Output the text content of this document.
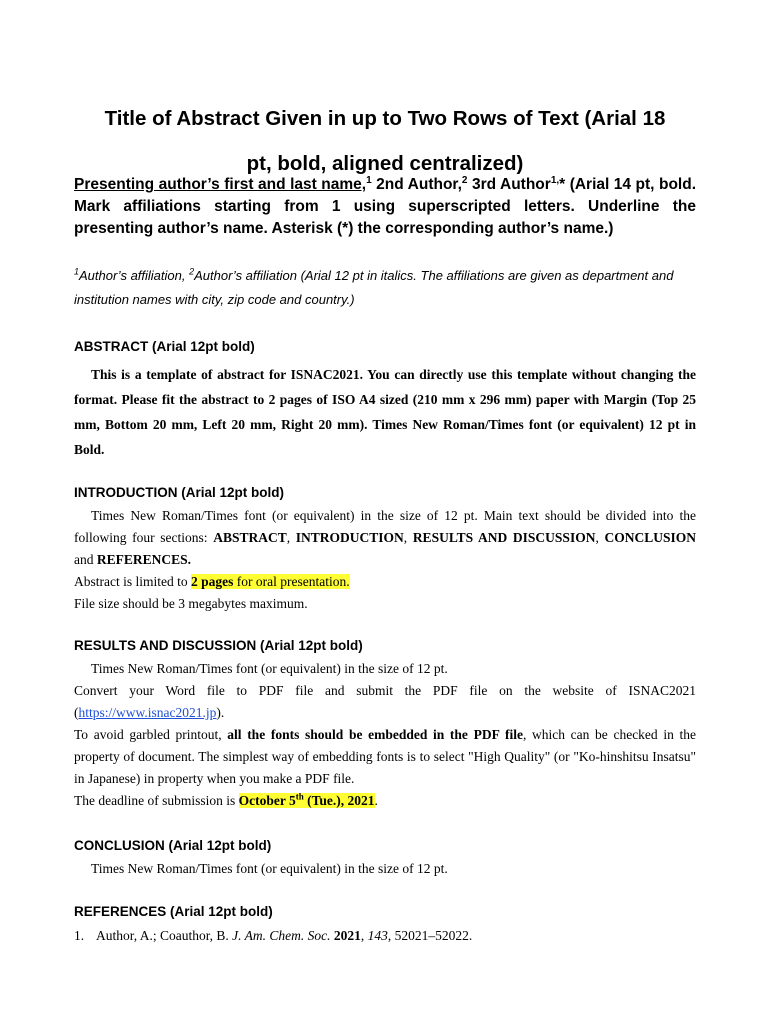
Title of Abstract Given in up to Two Rows of Text (Arial 18
pt, bold, aligned centralized)
Presenting author’s first and last name,$^1$ 2nd Author,$^2$ 3rd Author$^{1,}$* (Arial 14 pt, bold. Mark affiliations starting from 1 using superscripted letters. Underline the presenting author’s name. Asterisk (*) the corresponding author’s name.)
$^1$Author’s affiliation, $^2$Author’s affiliation (Arial 12 pt in italics. The affiliations are given as department and institution names with city, zip code and country.)
ABSTRACT (Arial 12pt bold)
This is a template of abstract for ISNAC2021. You can directly use this template without changing the format. Please fit the abstract to 2 pages of ISO A4 sized (210 mm x 296 mm) paper with Margin (Top 25 mm, Bottom 20 mm, Left 20 mm, Right 20 mm). Times New Roman/Times font (or equivalent) 12 pt in Bold.
INTRODUCTION (Arial 12pt bold)

Times New Roman/Times font (or equivalent) in the size of 12 pt. Main text should be divided into the following four sections: ABSTRACT, INTRODUCTION, RESULTS AND DISCUSSION, CONCLUSION and REFERENCES.

Abstract is limited to 2 pages for oral presentation.

File size should be 3 megabytes maximum.

RESULTS AND DISCUSSION (Arial 12pt bold)

Times New Roman/Times font (or equivalent) in the size of 12 pt.

Convert your Word file to PDF file and submit the PDF file on the website of ISNAC2021 (https://www.isnac2021.jp).

To avoid garbled printout, all the fonts should be embedded in the PDF file, which can be checked in the property of document. The simplest way of embedding fonts is to select "High Quality" (or "Ko-hinshitsu Insatsu" in Japanese) in property when you make a PDF file.

The deadline of submission is October 5th (Tue.), 2021.

CONCLUSION (Arial 12pt bold)

Times New Roman/Times font (or equivalent) in the size of 12 pt.

REFERENCES (Arial 12pt bold)

1. Author, A.; Coauthor, B. J. Am. Chem. Soc. 2021, 143, 52021–52022.
